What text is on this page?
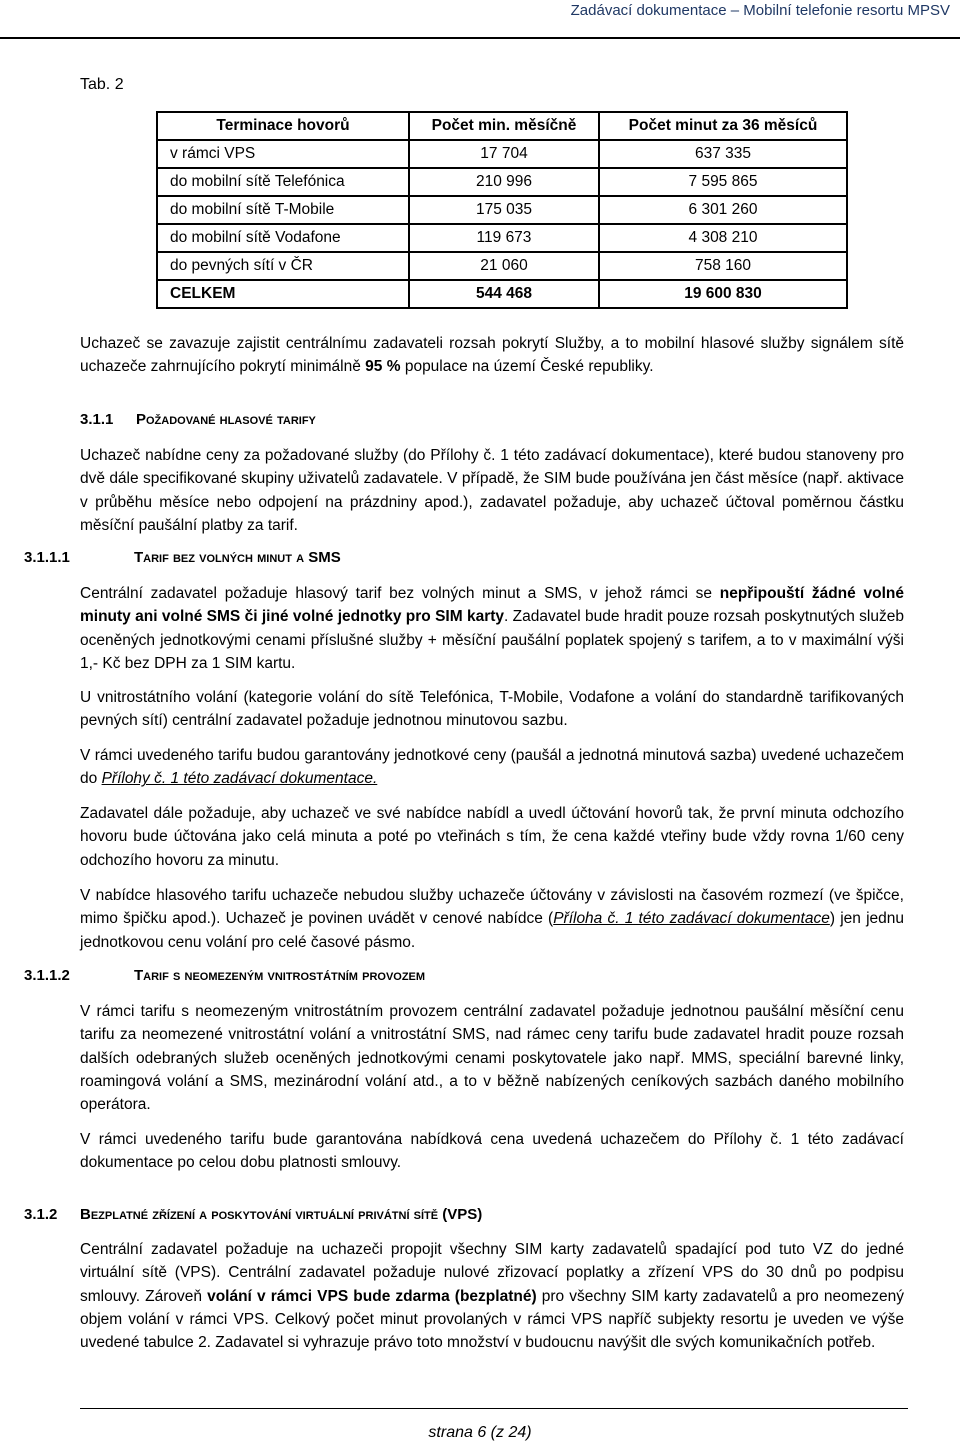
Zadávací dokumentace – Mobilní telefonie resortu MPSV
Tab. 2
Terminace hovorů	Počet min. měsíčně	Počet minut za 36 měsíců
v rámci VPS	17 704	637 335
do mobilní sítě Telefónica	210 996	7 595 865
do mobilní sítě T-Mobile	175 035	6 301 260
do mobilní sítě Vodafone	119 673	4 308 210
do pevných sítí v ČR	21 060	758 160
CELKEM	544 468	19 600 830

Uchazeč se zavazuje zajistit centrálnímu zadavateli rozsah pokrytí Služby, a to mobilní hlasové služby signálem sítě uchazeče zahrnujícího pokrytí minimálně 95 % populace na území České republiky.

3.1.1 Požadované hlasové tarify

Uchazeč nabídne ceny za požadované služby (do Přílohy č. 1 této zadávací dokumentace), které budou stanoveny pro dvě dále specifikované skupiny uživatelů zadavatele. V případě, že SIM bude používána jen část měsíce (např. aktivace v průběhu měsíce nebo odpojení na prázdniny apod.), zadavatel požaduje, aby uchazeč účtoval poměrnou částku měsíční paušální platby za tarif.

3.1.1.1	Tarif bez volných minut a SMS

Centrální zadavatel požaduje hlasový tarif bez volných minut a SMS, v jehož rámci se nepřipouští žádné volné minuty ani volné SMS či jiné volné jednotky pro SIM karty. Zadavatel bude hradit pouze rozsah poskytnutých služeb oceněných jednotkovými cenami příslušné služby + měsíční paušální poplatek spojený s tarifem, a to v maximální výši 1,- Kč bez DPH za 1 SIM kartu.

U vnitrostátního volání (kategorie volání do sítě Telefónica, T-Mobile, Vodafone a volání do standardně tarifikovaných pevných sítí) centrální zadavatel požaduje jednotnou minutovou sazbu.

V rámci uvedeného tarifu budou garantovány jednotkové ceny (paušál a jednotná minutová sazba) uvedené uchazečem do Přílohy č. 1 této zadávací dokumentace.

Zadavatel dále požaduje, aby uchazeč ve své nabídce nabídl a uvedl účtování hovorů tak, že první minuta odchozího hovoru bude účtována jako celá minuta a poté po vteřinách s tím, že cena každé vteřiny bude vždy rovna 1/60 ceny odchozího hovoru za minutu.

V nabídce hlasového tarifu uchazeče nebudou služby uchazeče účtovány v závislosti na časovém rozmezí (ve špičce, mimo špičku apod.). Uchazeč je povinen uvádět v cenové nabídce (Příloha č. 1 této zadávací dokumentace) jen jednu jednotkovou cenu volání pro celé časové pásmo.

3.1.1.2	Tarif s neomezeným vnitrostátním provozem

V rámci tarifu s neomezeným vnitrostátním provozem centrální zadavatel požaduje jednotnou paušální měsíční cenu tarifu za neomezené vnitrostátní volání a vnitrostátní SMS, nad rámec ceny tarifu bude zadavatel hradit pouze rozsah dalších odebraných služeb oceněných jednotkovými cenami poskytovatele jako např. MMS, speciální barevné linky, roamingová volání a SMS, mezinárodní volání atd., a to v běžně nabízených ceníkových sazbách daného mobilního operátora.

V rámci uvedeného tarifu bude garantována nabídková cena uvedená uchazečem do Přílohy č. 1 této zadávací dokumentace po celou dobu platnosti smlouvy.

3.1.2 Bezplatné zřízení a poskytování virtuální privátní sítě (VPS)

Centrální zadavatel požaduje na uchazeči propojit všechny SIM karty zadavatelů spadající pod tuto VZ do jedné virtuální sítě (VPS). Centrální zadavatel požaduje nulové zřizovací poplatky a zřízení VPS do 30 dnů po podpisu smlouvy. Zároveň volání v rámci VPS bude zdarma (bezplatné) pro všechny SIM karty zadavatelů a pro neomezený objem volání v rámci VPS. Celkový počet minut provolaných v rámci VPS napříč subjekty resortu je uveden ve výše uvedené tabulce 2. Zadavatel si vyhrazuje právo toto množství v budoucnu navýšit dle svých komunikačních potřeb.

strana 6 (z 24)
